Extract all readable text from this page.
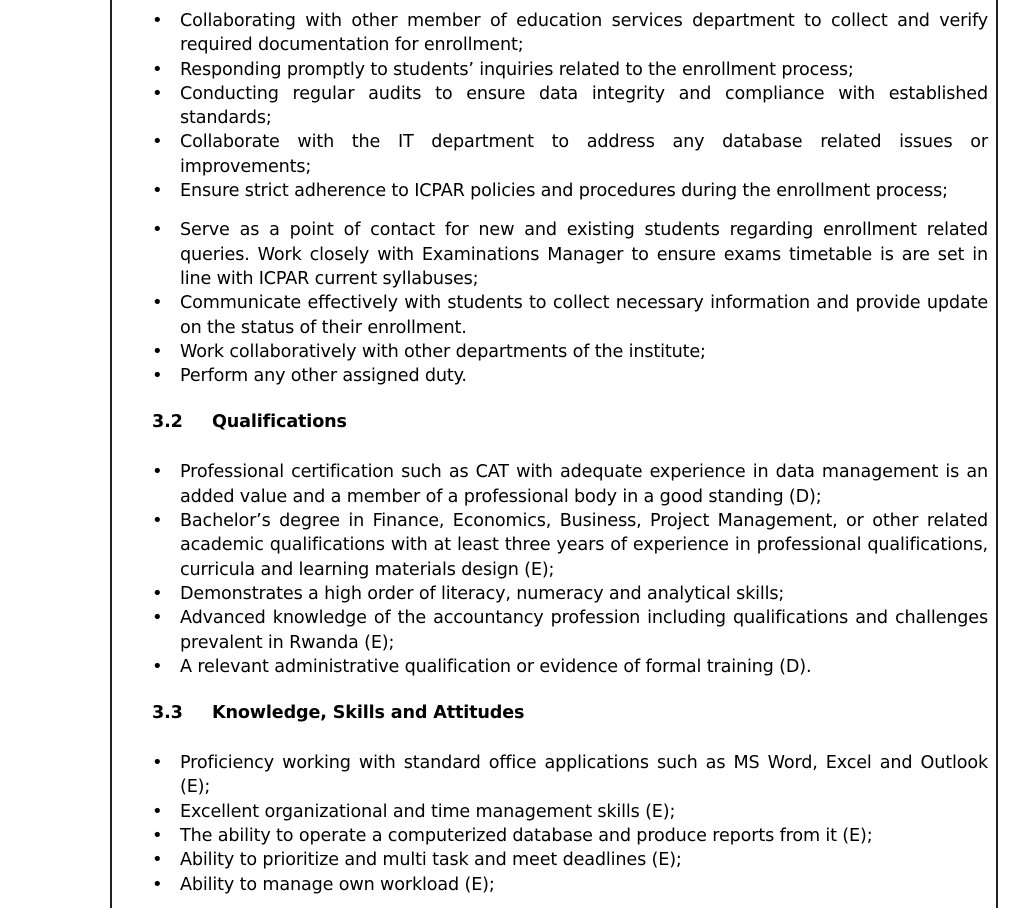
• Collaborating with other member of education services department to collect and verify required documentation for enrollment;
• Responding promptly to students’ inquiries related to the enrollment process;
• Conducting regular audits to ensure data integrity and compliance with established standards;
• Collaborate with the IT department to address any database related issues or improvements;
• Ensure strict adherence to ICPAR policies and procedures during the enrollment process;
• Serve as a point of contact for new and existing students regarding enrollment related queries. Work closely with Examinations Manager to ensure exams timetable is are set in line with ICPAR current syllabuses;
• Communicate effectively with students to collect necessary information and provide update on the status of their enrollment.
• Work collaboratively with other departments of the institute;
• Perform any other assigned duty.
3.2 Qualifications
• Professional certification such as CAT with adequate experience in data management is an added value and a member of a professional body in a good standing (D);
• Bachelor’s degree in Finance, Economics, Business, Project Management, or other related academic qualifications with at least three years of experience in professional qualifications, curricula and learning materials design (E);
• Demonstrates a high order of literacy, numeracy and analytical skills;
• Advanced knowledge of the accountancy profession including qualifications and challenges prevalent in Rwanda (E);
• A relevant administrative qualification or evidence of formal training (D).
3.3 Knowledge, Skills and Attitudes
• Proficiency working with standard office applications such as MS Word, Excel and Outlook (E);
• Excellent organizational and time management skills (E);
• The ability to operate a computerized database and produce reports from it (E);
• Ability to prioritize and multi task and meet deadlines (E);
• Ability to manage own workload (E);
